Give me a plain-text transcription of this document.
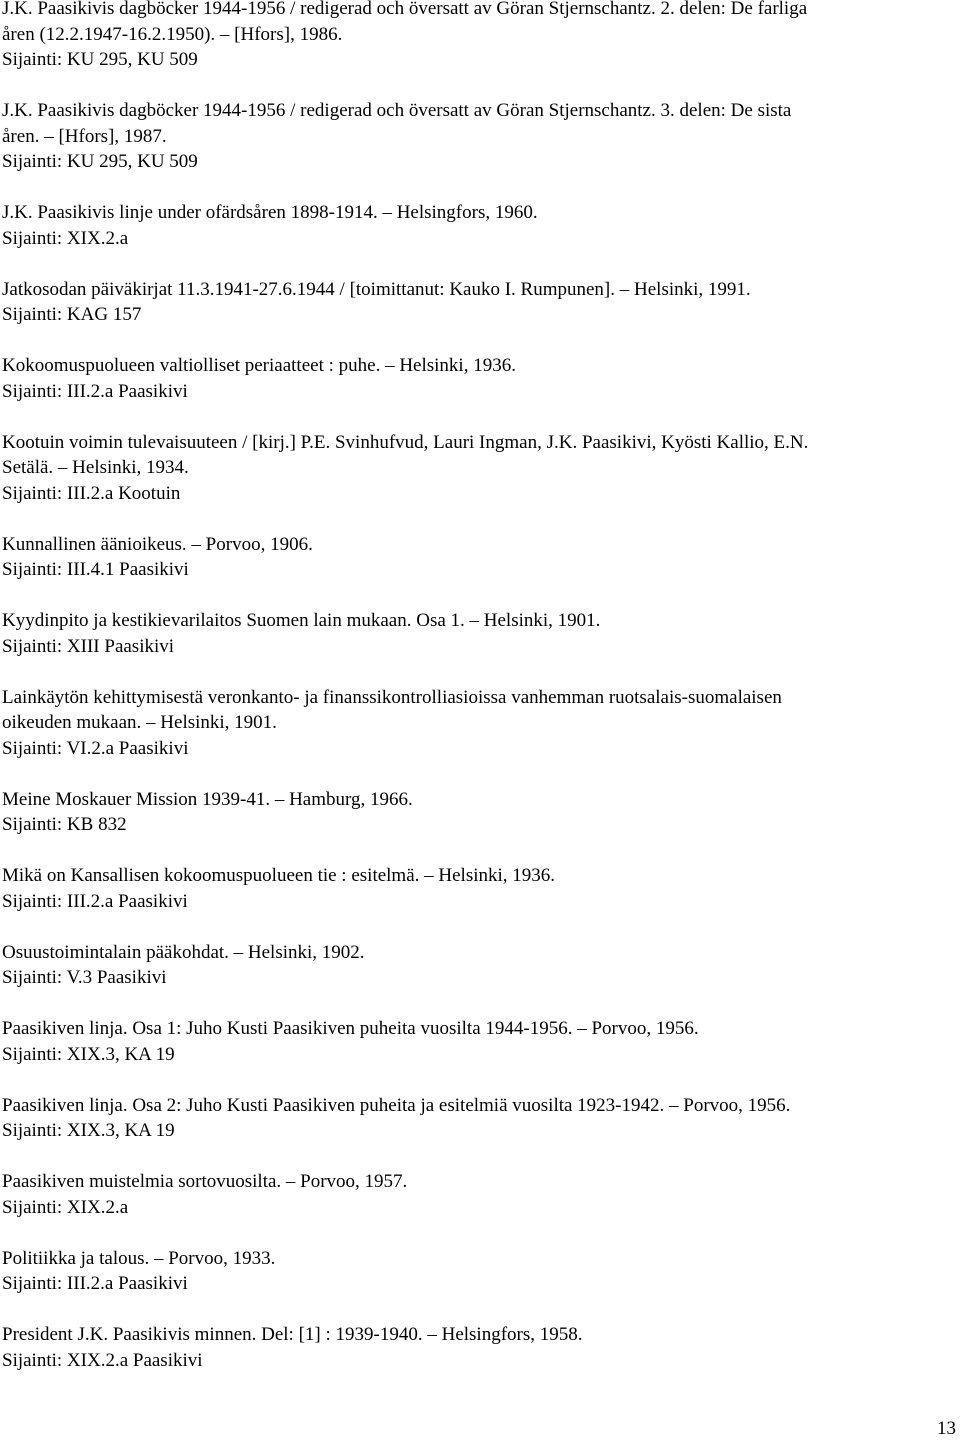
J.K. Paasikivis dagböcker 1944-1956 / redigerad och översatt av Göran Stjernschantz. 2. delen: De farliga
åren (12.2.1947-16.2.1950). – [Hfors], 1986.
Sijainti: KU 295, KU 509
J.K. Paasikivis dagböcker 1944-1956 / redigerad och översatt av Göran Stjernschantz. 3. delen: De sista
åren. – [Hfors], 1987.
Sijainti: KU 295, KU 509
J.K. Paasikivis linje under ofärdsåren 1898-1914. – Helsingfors, 1960.
Sijainti: XIX.2.a
Jatkosodan päiväkirjat 11.3.1941-27.6.1944 / [toimittanut: Kauko I. Rumpunen]. – Helsinki, 1991.
Sijainti: KAG 157
Kokoomuspuolueen valtiolliset periaatteet : puhe. – Helsinki, 1936.
Sijainti: III.2.a Paasikivi
Kootuin voimin tulevaisuuteen / [kirj.] P.E. Svinhufvud, Lauri Ingman, J.K. Paasikivi, Kyösti Kallio, E.N.
Setälä. – Helsinki, 1934.
Sijainti: III.2.a Kootuin
Kunnallinen äänioikeus. – Porvoo, 1906.
Sijainti: III.4.1 Paasikivi
Kyydinpito ja kestikievarilaitos Suomen lain mukaan. Osa 1. – Helsinki, 1901.
Sijainti: XIII Paasikivi
Lainkäytön kehittymisestä veronkanto- ja finanssikontrolliasioissa vanhemman ruotsalais-suomalaisen
oikeuden mukaan. – Helsinki, 1901.
Sijainti: VI.2.a Paasikivi
Meine Moskauer Mission 1939-41. – Hamburg, 1966.
Sijainti: KB 832
Mikä on Kansallisen kokoomuspuolueen tie : esitelmä. – Helsinki, 1936.
Sijainti: III.2.a Paasikivi
Osuustoimintalain pääkohdat. – Helsinki, 1902.
Sijainti: V.3 Paasikivi
Paasikiven linja. Osa 1: Juho Kusti Paasikiven puheita vuosilta 1944-1956. – Porvoo, 1956.
Sijainti: XIX.3, KA 19
Paasikiven linja. Osa 2: Juho Kusti Paasikiven puheita ja esitelmiä vuosilta 1923-1942. – Porvoo, 1956.
Sijainti: XIX.3, KA 19
Paasikiven muistelmia sortovuosilta. – Porvoo, 1957.
Sijainti: XIX.2.a
Politiikka ja talous. – Porvoo, 1933.
Sijainti: III.2.a Paasikivi
President J.K. Paasikivis minnen. Del: [1] : 1939-1940. – Helsingfors, 1958.
Sijainti: XIX.2.a Paasikivi
13
